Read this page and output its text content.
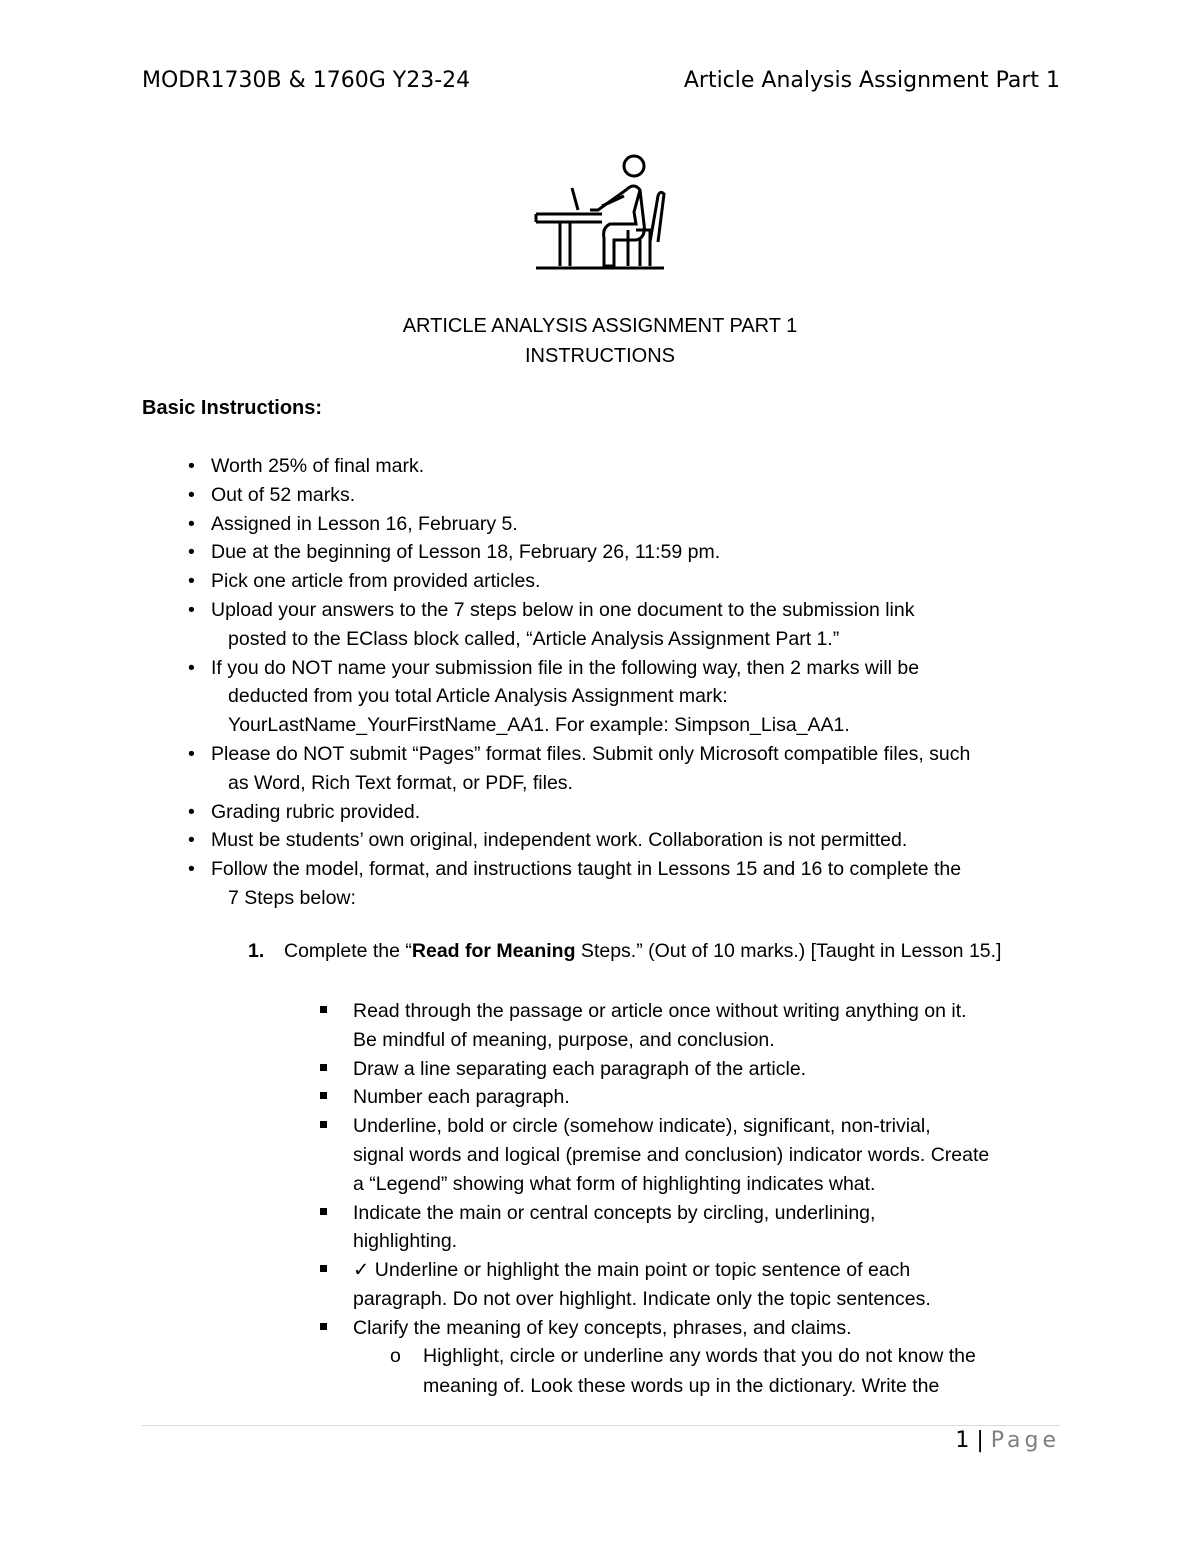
MODR1730B & 1760G Y23-24	Article Analysis Assignment Part 1
ARTICLE ANALYSIS ASSIGNMENT PART 1
INSTRUCTIONS
Basic Instructions:
• Worth 25% of final mark.
• Out of 52 marks.
• Assigned in Lesson 16, February 5.
• Due at the beginning of Lesson 18, February 26, 11:59 pm.
• Pick one article from provided articles.
• Upload your answers to the 7 steps below in one document to the submission link
posted to the EClass block called, “Article Analysis Assignment Part 1.”
• If you do NOT name your submission file in the following way, then 2 marks will be
deducted from you total Article Analysis Assignment mark:
YourLastName_YourFirstName_AA1. For example: Simpson_Lisa_AA1.
• Please do NOT submit “Pages” format files. Submit only Microsoft compatible files, such
as Word, Rich Text format, or PDF, files.
• Grading rubric provided.
• Must be students’ own original, independent work. Collaboration is not permitted.
• Follow the model, format, and instructions taught in Lessons 15 and 16 to complete the
7 Steps below:
1. Complete the “Read for Meaning Steps.” (Out of 10 marks.) [Taught in Lesson 15.]
Read through the passage or article once without writing anything on it.
Be mindful of meaning, purpose, and conclusion.
Draw a line separating each paragraph of the article.
Number each paragraph.
Underline, bold or circle (somehow indicate), significant, non-trivial,
signal words and logical (premise and conclusion) indicator words. Create
a “Legend” showing what form of highlighting indicates what.
Indicate the main or central concepts by circling, underlining,
highlighting.
✓ Underline or highlight the main point or topic sentence of each
paragraph. Do not over highlight. Indicate only the topic sentences.
Clarify the meaning of key concepts, phrases, and claims.
o Highlight, circle or underline any words that you do not know the
meaning of. Look these words up in the dictionary. Write the
1 | Page
